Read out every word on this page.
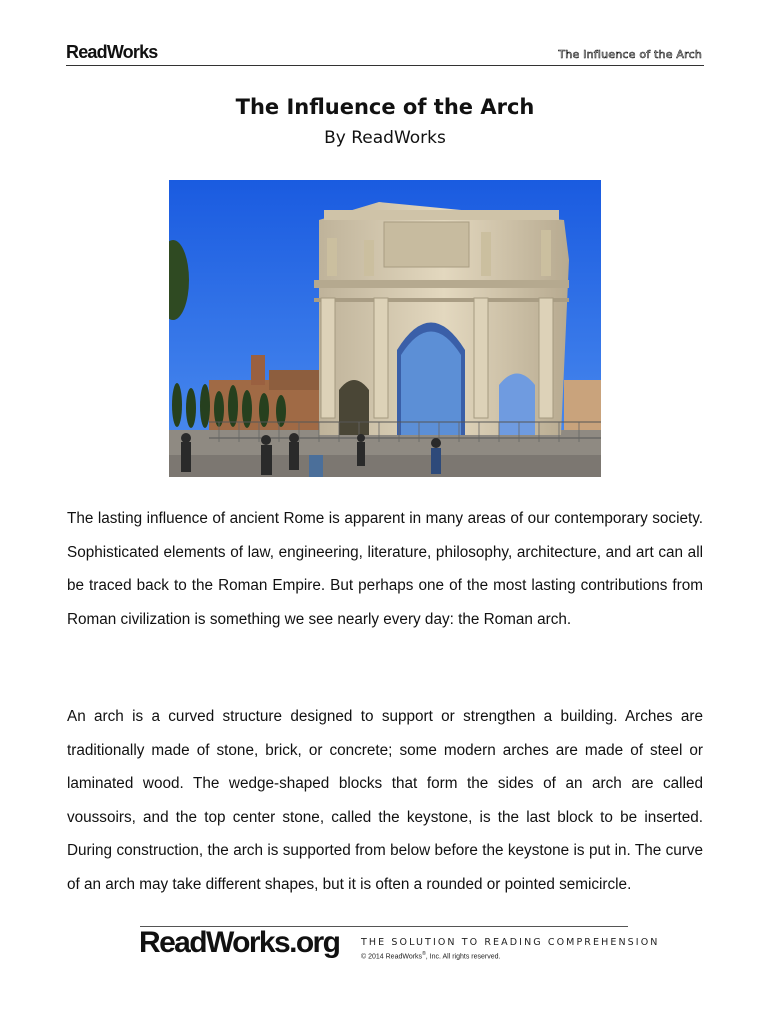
ReadWorks	The Influence of the Arch
The Influence of the Arch
By ReadWorks
The lasting influence of ancient Rome is apparent in many areas of our contemporary society. Sophisticated elements of law, engineering, literature, philosophy, architecture, and art can all be traced back to the Roman Empire. But perhaps one of the most lasting contributions from Roman civilization is something we see nearly every day: the Roman arch.
An arch is a curved structure designed to support or strengthen a building. Arches are traditionally made of stone, brick, or concrete; some modern arches are made of steel or laminated wood. The wedge-shaped blocks that form the sides of an arch are called voussoirs, and the top center stone, called the keystone, is the last block to be inserted. During construction, the arch is supported from below before the keystone is put in. The curve of an arch may take different shapes, but it is often a rounded or pointed semicircle.
ReadWorks.org THE SOLUTION TO READING COMPREHENSION
© 2014 ReadWorks®, Inc. All rights reserved.
